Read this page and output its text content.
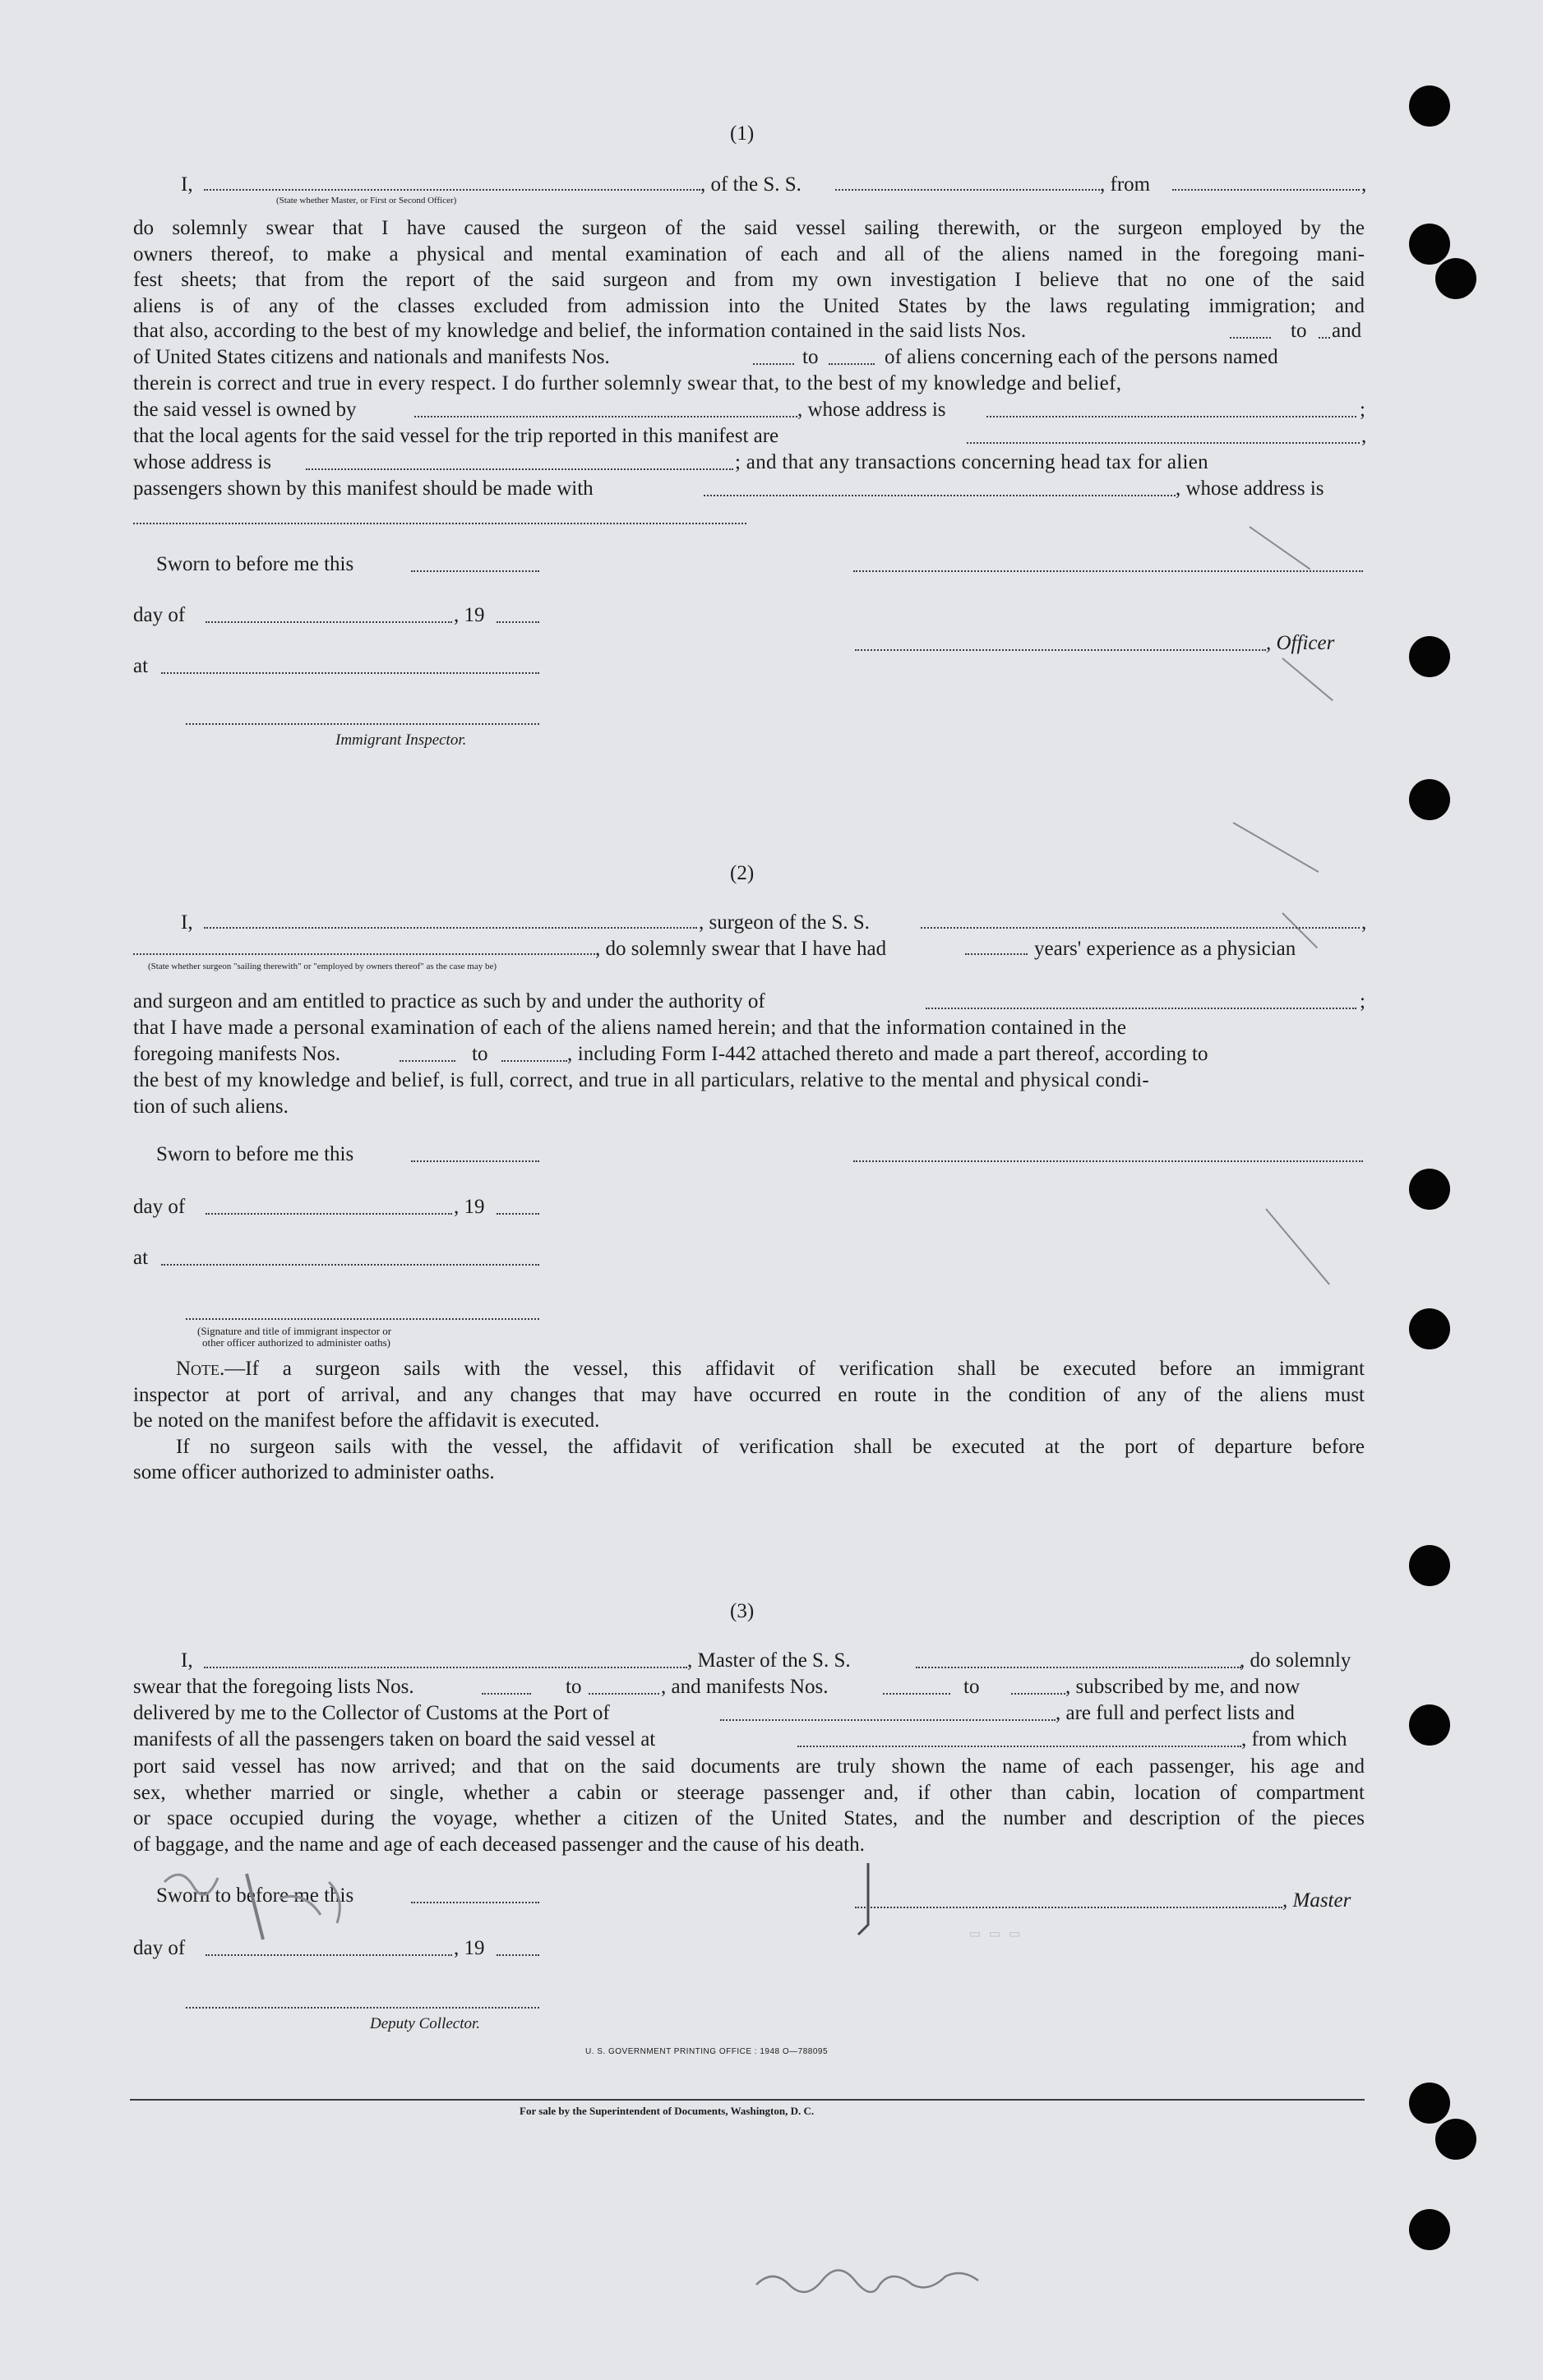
(1)
I,	, of the S. S.	, from	,
(State whether Master, or First or Second Officer)
do solemnly swear that I have caused the surgeon of the said vessel sailing therewith, or the surgeon employed by the
owners thereof, to make a physical and mental examination of each and all of the aliens named in the foregoing mani-
fest sheets; that from the report of the said surgeon and from my own investigation I believe that no one of the said
aliens is of any of the classes excluded from admission into the United States by the laws regulating immigration; and
that also, according to the best of my knowledge and belief, the information contained in the said lists Nos.	to and
of United States citizens and nationals and manifests Nos.	to	of aliens concerning each of the persons named
therein is correct and true in every respect. I do further solemnly swear that, to the best of my knowledge and belief,
the said vessel is owned by	, whose address is	;
that the local agents for the said vessel for the trip reported in this manifest are	,
whose address is	; and that any transactions concerning head tax for alien
passengers shown by this manifest should be made with	, whose address is
Sworn to before me this
day of	, 19
, Officer
at
Immigrant Inspector.
(2)
I,	, surgeon of the S. S.	,
, do solemnly swear that I have had	years' experience as a physician
(State whether surgeon "sailing therewith" or "employed by owners thereof" as the case may be)
and surgeon and am entitled to practice as such by and under the authority of	;
that I have made a personal examination of each of the aliens named herein; and that the information contained in the
foregoing manifests Nos.	to	, including Form I-442 attached thereto and made a part thereof, according to
the best of my knowledge and belief, is full, correct, and true in all particulars, relative to the mental and physical condi-
tion of such aliens.
Sworn to before me this
day of	, 19
at
(Signature and title of immigrant inspector or
other officer authorized to administer oaths)
Note.—If a surgeon sails with the vessel, this affidavit of verification shall be executed before an immigrant
inspector at port of arrival, and any changes that may have occurred en route in the condition of any of the aliens must
be noted on the manifest before the affidavit is executed.
If no surgeon sails with the vessel, the affidavit of verification shall be executed at the port of departure before
some officer authorized to administer oaths.
(3)
I,	, Master of the S. S.	, do solemnly
swear that the foregoing lists Nos.	to	, and manifests Nos.	to	, subscribed by me, and now
delivered by me to the Collector of Customs at the Port of	, are full and perfect lists and
manifests of all the passengers taken on board the said vessel at	, from which
port said vessel has now arrived; and that on the said documents are truly shown the name of each passenger, his age and
sex, whether married or single, whether a cabin or steerage passenger and, if other than cabin, location of compartment
or space occupied during the voyage, whether a citizen of the United States, and the number and description of the pieces
of baggage, and the name and age of each deceased passenger and the cause of his death.
Sworn to before me this	, Master
day of	, 19
Deputy Collector.
U. S. GOVERNMENT PRINTING OFFICE : 1948 O—788095
For sale by the Superintendent of Documents, Washington, D. C.
▭ ▭ ▭
